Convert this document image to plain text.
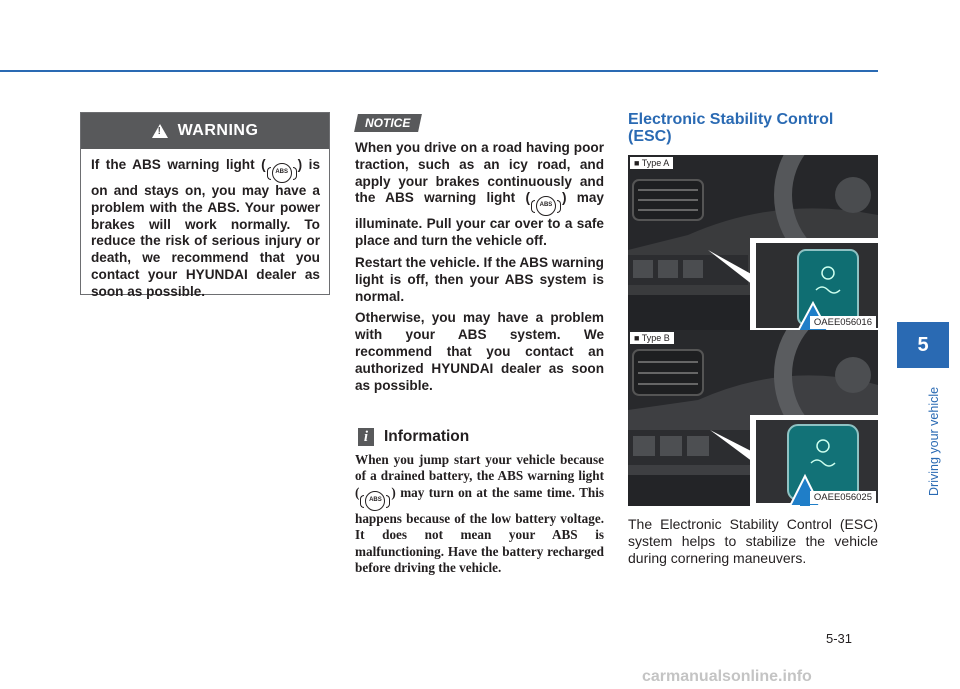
!
WARNING
If the ABS warning light ( ABS ) is on and stays on, you may have a problem with the ABS. Your power brakes will work normally. To reduce the risk of serious injury or death, we recommend that you contact your HYUNDAI dealer as soon as possible.
NOTICE

When you drive on a road having poor traction, such as an icy road, and apply your brakes continuously and the ABS warning light ( ABS ) may illuminate. Pull your car over to a safe place and turn the vehicle off.

Restart the vehicle. If the ABS warning light is off, then your ABS system is normal.

Otherwise, you may have a problem with your ABS system. We recommend that you contact an authorized HYUNDAI dealer as soon as possible.

i	Information
When you jump start your vehicle because of a drained battery, the ABS warning light ( ABS ) may turn on at the same time. This happens because of the low battery voltage. It does not mean your ABS is malfunctioning. Have the battery recharged before driving the vehicle.
Electronic Stability Control (ESC)
■ Type A
OAEE056016
■ Type B
OAEE056025
The Electronic Stability Control (ESC) system helps to stabilize the vehicle during cornering maneuvers.
5
Driving your vehicle
5-31
carmanualsonline.info
